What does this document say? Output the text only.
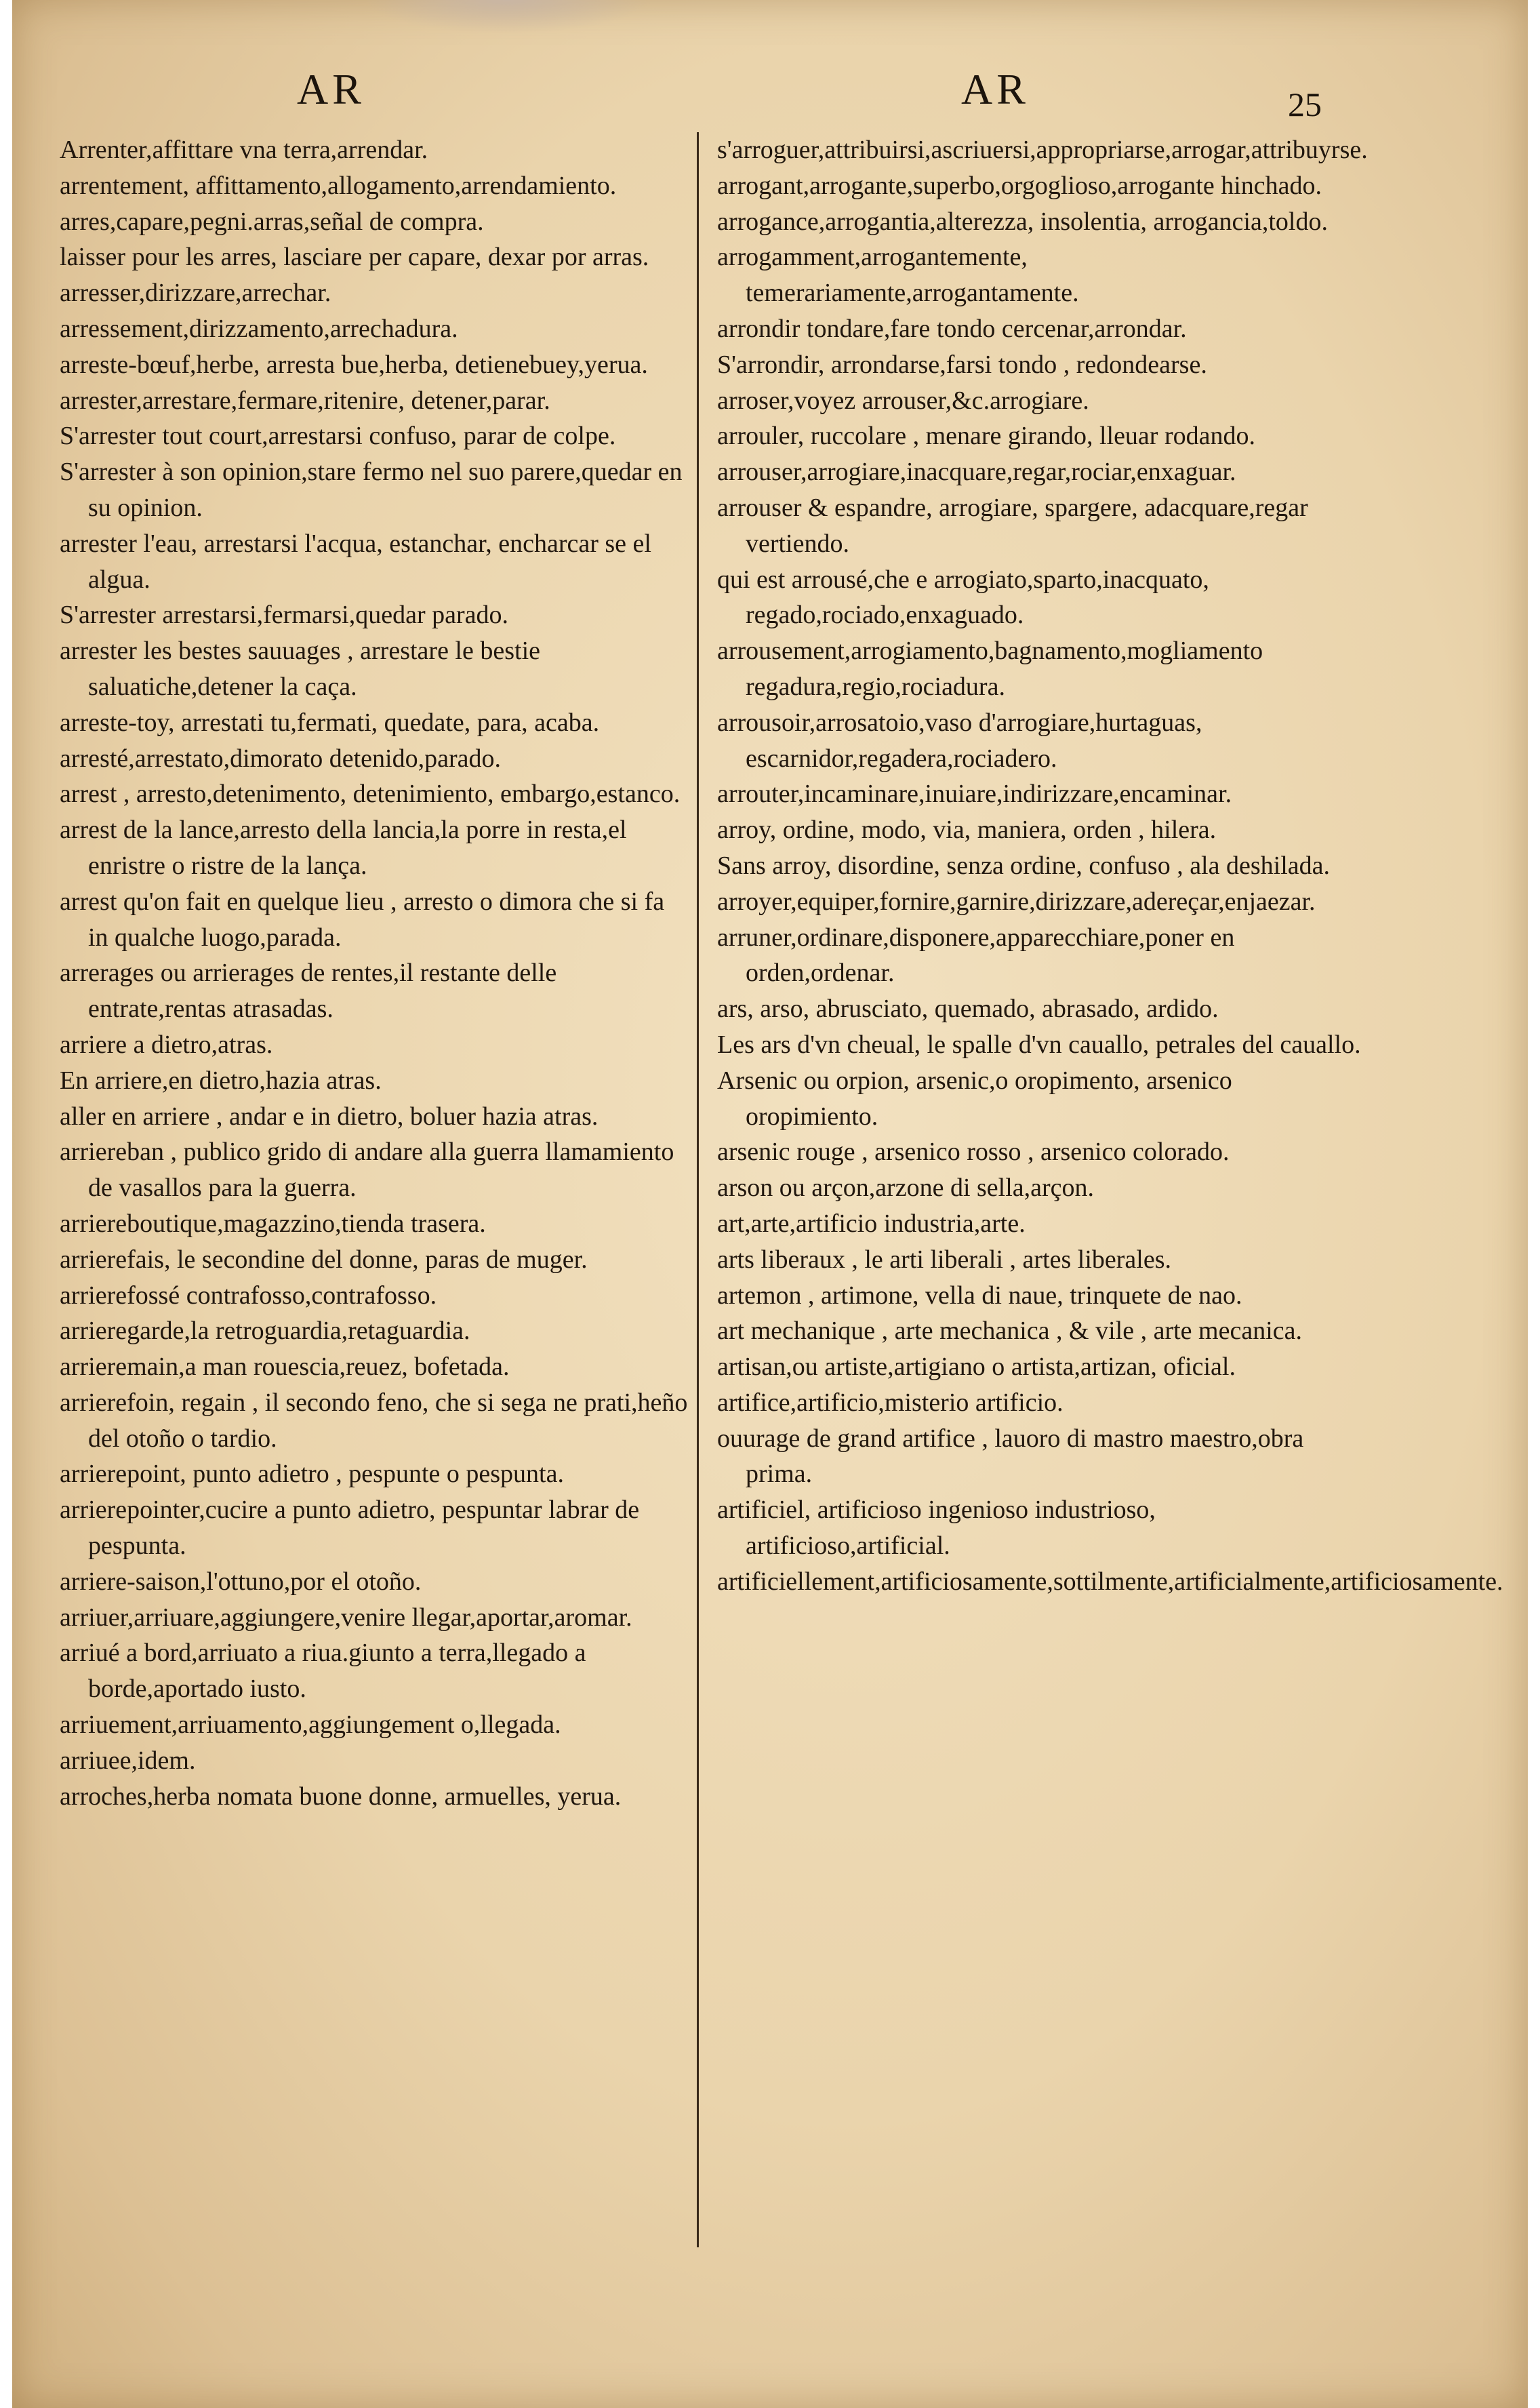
AR	AR	25

Arrenter,affittare vna terra,arrendar.

arrentement, affittamento,allogamento,arrendamiento.

arres,capare,pegni.arras,señal de compra.

laisser pour les arres, lasciare per capare, dexar por arras.

arresser,dirizzare,arrechar.

arressement,dirizzamento,arrechadura.

arreste-bœuf,herbe, arresta bue,herba, detienebuey,yerua.

arrester,arrestare,fermare,ritenire, detener,parar.

S'arrester tout court,arrestarsi confuso, parar de colpe.

S'arrester à son opinion,stare fermo nel suo parere,quedar en su opinion.

arrester l'eau, arrestarsi l'acqua, estanchar, encharcar se el algua.

S'arrester arrestarsi,fermarsi,quedar parado.

arrester les bestes sauuages , arrestare le bestie saluatiche,detener la caça.

arreste-toy, arrestati tu,fermati, quedate, para, acaba.

arresté,arrestato,dimorato detenido,parado.

arrest , arresto,detenimento, detenimiento, embargo,estanco.

arrest de la lance,arresto della lancia,la porre in resta,el enristre o ristre de la lança.

arrest qu'on fait en quelque lieu , arresto o dimora che si fa in qualche luogo,parada.

arrerages ou arrierages de rentes,il restante delle entrate,rentas atrasadas.

arriere a dietro,atras.

En arriere,en dietro,hazia atras.

aller en arriere , andar e in dietro, boluer hazia atras.

arriereban , publico grido di andare alla guerra llamamiento de vasallos para la guerra.

arriereboutique,magazzino,tienda trasera.

arrierefais, le secondine del donne, paras de muger.

arrierefossé contrafosso,contrafosso.

arrieregarde,la retroguardia,retaguardia.

arrieremain,a man rouescia,reuez, bofetada.

arrierefoin, regain , il secondo feno, che si sega ne prati,heño del otoño o tardio.

arrierepoint, punto adietro , pespunte o pespunta.

arrierepointer,cucire a punto adietro, pespuntar labrar de pespunta.

arriere-saison,l'ottuno,por el otoño.

arriuer,arriuare,aggiungere,venire llegar,aportar,aromar.

arriué a bord,arriuato a riua.giunto a terra,llegado a borde,aportado iusto.

arriuement,arriuamento,aggiungement o,llegada.

arriuee,idem.

arroches,herba nomata buone donne, armuelles, yerua.

s'arroguer,attribuirsi,ascriuersi,appropriarse,arrogar,attribuyrse.

arrogant,arrogante,superbo,orgoglioso,arrogante hinchado.

arrogance,arrogantia,alterezza, insolentia, arrogancia,toldo.

arrogamment,arrogantemente, temerariamente,arrogantamente.

arrondir tondare,fare tondo cercenar,arrondar.

S'arrondir, arrondarse,farsi tondo , redondearse.

arroser,voyez arrouser,&c.arrogiare.

arrouler, ruccolare , menare girando, lleuar rodando.

arrouser,arrogiare,inacquare,regar,rociar,enxaguar.

arrouser & espandre, arrogiare, spargere, adacquare,regar vertiendo.

qui est arrousé,che e arrogiato,sparto,inacquato, regado,rociado,enxaguado.

arrousement,arrogiamento,bagnamento,mogliamento regadura,regio,rociadura.

arrousoir,arrosatoio,vaso d'arrogiare,hurtaguas, escarnidor,regadera,rociadero.

arrouter,incaminare,inuiare,indirizzare,encaminar.

arroy, ordine, modo, via, maniera, orden , hilera.

Sans arroy, disordine, senza ordine, confuso , ala deshilada.

arroyer,equiper,fornire,garnire,dirizzare,adereçar,enjaezar.

arruner,ordinare,disponere,apparecchiare,poner en orden,ordenar.

ars, arso, abrusciato, quemado, abrasado, ardido.

Les ars d'vn cheual, le spalle d'vn cauallo, petrales del cauallo.

Arsenic ou orpion, arsenic,o oropimento, arsenico oropimiento.

arsenic rouge , arsenico rosso , arsenico colorado.

arson ou arçon,arzone di sella,arçon.

art,arte,artificio industria,arte.

arts liberaux , le arti liberali , artes liberales.

artemon , artimone, vella di naue, trinquete de nao.

art mechanique , arte mechanica , & vile , arte mecanica.

artisan,ou artiste,artigiano o artista,artizan, oficial.

artifice,artificio,misterio artificio.

ouurage de grand artifice , lauoro di mastro maestro,obra prima.

artificiel, artificioso ingenioso industrioso, artificioso,artificial.

artificiellement,artificiosamente,sottilmente,artificialmente,artificiosamente.
